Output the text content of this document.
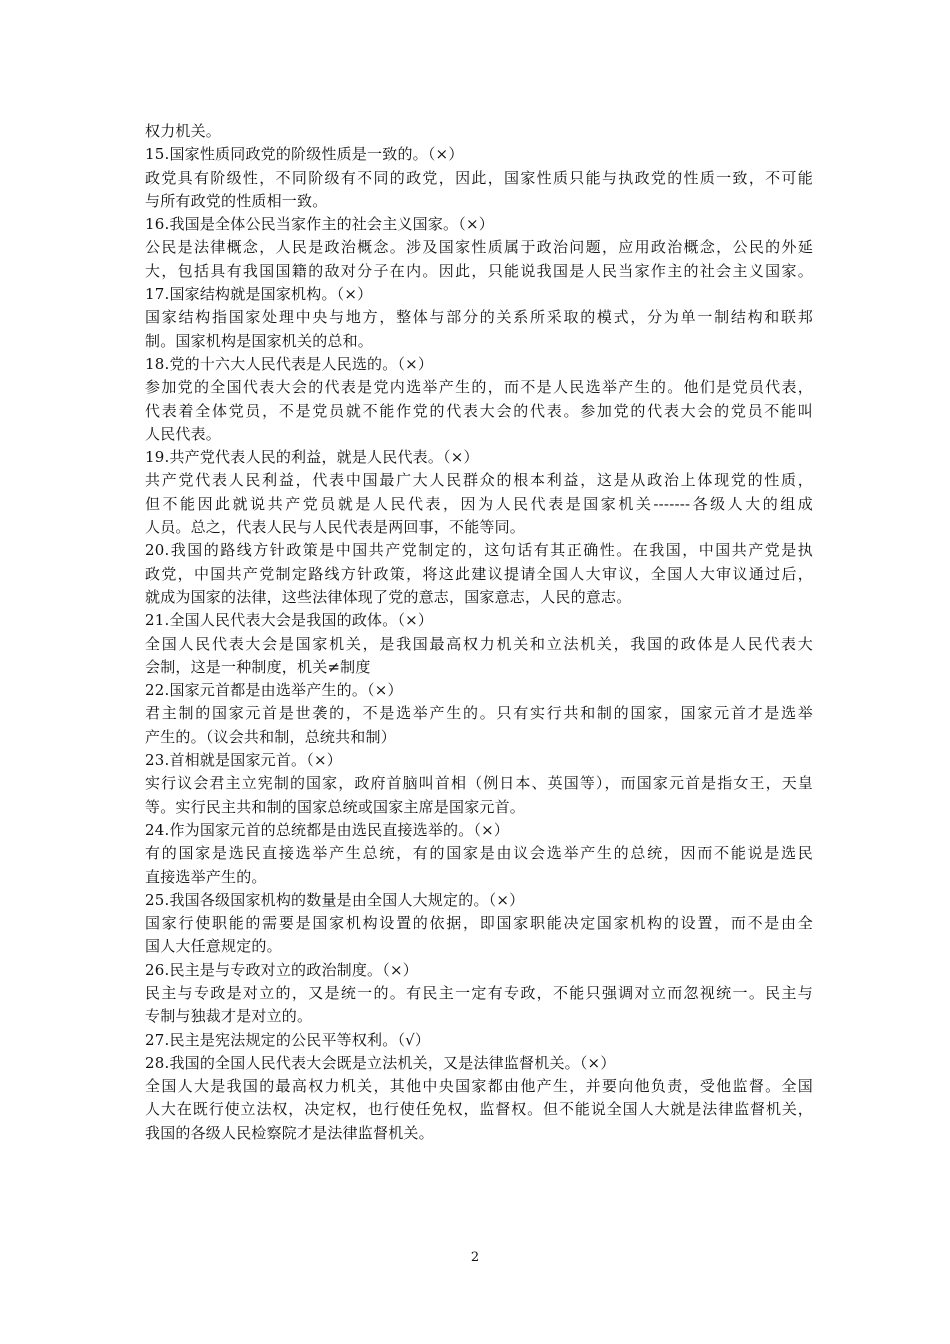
权力机关。
15.国家性质同政党的阶级性质是一致的。（×）
政党具有阶级性，不同阶级有不同的政党，因此，国家性质只能与执政党的性质一致，不可能
与所有政党的性质相一致。
16.我国是全体公民当家作主的社会主义国家。（×）
公民是法律概念，人民是政治概念。涉及国家性质属于政治问题，应用政治概念，公民的外延
大，包括具有我国国籍的敌对分子在内。因此，只能说我国是人民当家作主的社会主义国家。
17.国家结构就是国家机构。（×）
国家结构指国家处理中央与地方，整体与部分的关系所采取的模式，分为单一制结构和联邦
制。国家机构是国家机关的总和。
18.党的十六大人民代表是人民选的。（×）
参加党的全国代表大会的代表是党内选举产生的，而不是人民选举产生的。他们是党员代表，
代表着全体党员，不是党员就不能作党的代表大会的代表。参加党的代表大会的党员不能叫
人民代表。
19.共产党代表人民的利益，就是人民代表。（×）
共产党代表人民利益，代表中国最广大人民群众的根本利益，这是从政治上体现党的性质，
但不能因此就说共产党员就是人民代表，因为人民代表是国家机关-------各级人大的组成
人员。总之，代表人民与人民代表是两回事，不能等同。
20.我国的路线方针政策是中国共产党制定的，这句话有其正确性。在我国，中国共产党是执
政党，中国共产党制定路线方针政策，将这此建议提请全国人大审议，全国人大审议通过后，
就成为国家的法律，这些法律体现了党的意志，国家意志，人民的意志。
21.全国人民代表大会是我国的政体。（×）
全国人民代表大会是国家机关，是我国最高权力机关和立法机关，我国的政体是人民代表大
会制，这是一种制度，机关≠制度
22.国家元首都是由选举产生的。（×）
君主制的国家元首是世袭的，不是选举产生的。只有实行共和制的国家，国家元首才是选举
产生的。（议会共和制，总统共和制）
23.首相就是国家元首。（×）
实行议会君主立宪制的国家，政府首脑叫首相（例日本、英国等），而国家元首是指女王，天皇
等。实行民主共和制的国家总统或国家主席是国家元首。
24.作为国家元首的总统都是由选民直接选举的。（×）
有的国家是选民直接选举产生总统，有的国家是由议会选举产生的总统，因而不能说是选民
直接选举产生的。
25.我国各级国家机构的数量是由全国人大规定的。（×）
国家行使职能的需要是国家机构设置的依据，即国家职能决定国家机构的设置，而不是由全
国人大任意规定的。
26.民主是与专政对立的政治制度。（×）
民主与专政是对立的，又是统一的。有民主一定有专政，不能只强调对立而忽视统一。民主与
专制与独裁才是对立的。
27.民主是宪法规定的公民平等权利。（√）
28.我国的全国人民代表大会既是立法机关，又是法律监督机关。（×）
全国人大是我国的最高权力机关，其他中央国家都由他产生，并要向他负责，受他监督。全国
人大在既行使立法权，决定权，也行使任免权，监督权。但不能说全国人大就是法律监督机关，
我国的各级人民检察院才是法律监督机关。
2
